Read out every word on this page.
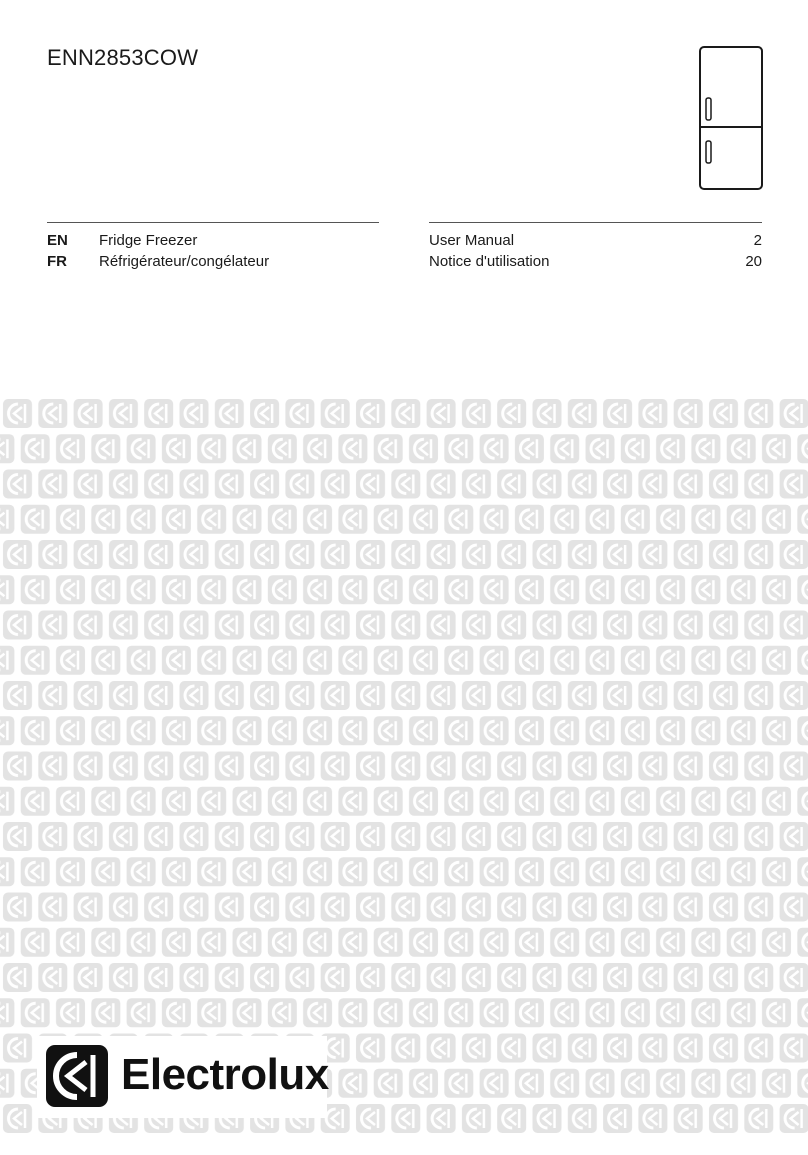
ENN2853COW
EN Fridge Freezer	User Manual	2
FR Réfrigérateur/congélateur	Notice d'utilisation	20
Electrolux
